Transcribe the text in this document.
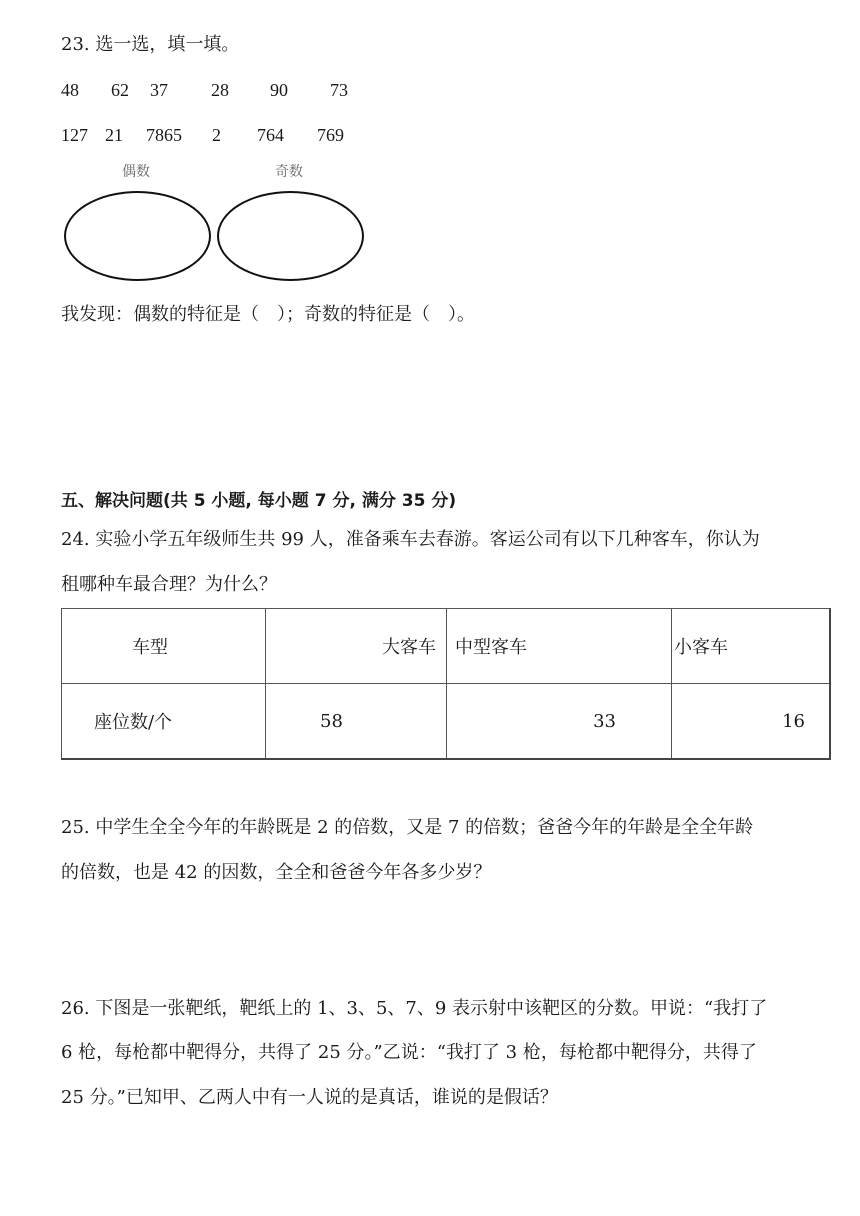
23. 选一选，填一填。
48 62 37 28 90 73
127 21 7865 2 764 769
偶数	奇数
我发现：偶数的特征是（　）；奇数的特征是（　）。
五、解决问题(共 5 小题, 每小题 7 分, 满分 35 分)
24. 实验小学五年级师生共 99 人，准备乘车去春游。客运公司有以下几种客车，你认为
租哪种车最合理？为什么？
车型	大客车	中型客车	小客车
座位数/个	58	33	16
25. 中学生全全今年的年龄既是 2 的倍数，又是 7 的倍数；爸爸今年的年龄是全全年龄
的倍数，也是 42 的因数，全全和爸爸今年各多少岁？
26. 下图是一张靶纸，靶纸上的 1、3、5、7、9 表示射中该靶区的分数。甲说：“我打了
6 枪，每枪都中靶得分，共得了 25 分。”乙说：“我打了 3 枪，每枪都中靶得分，共得了
25 分。”已知甲、乙两人中有一人说的是真话，谁说的是假话？
